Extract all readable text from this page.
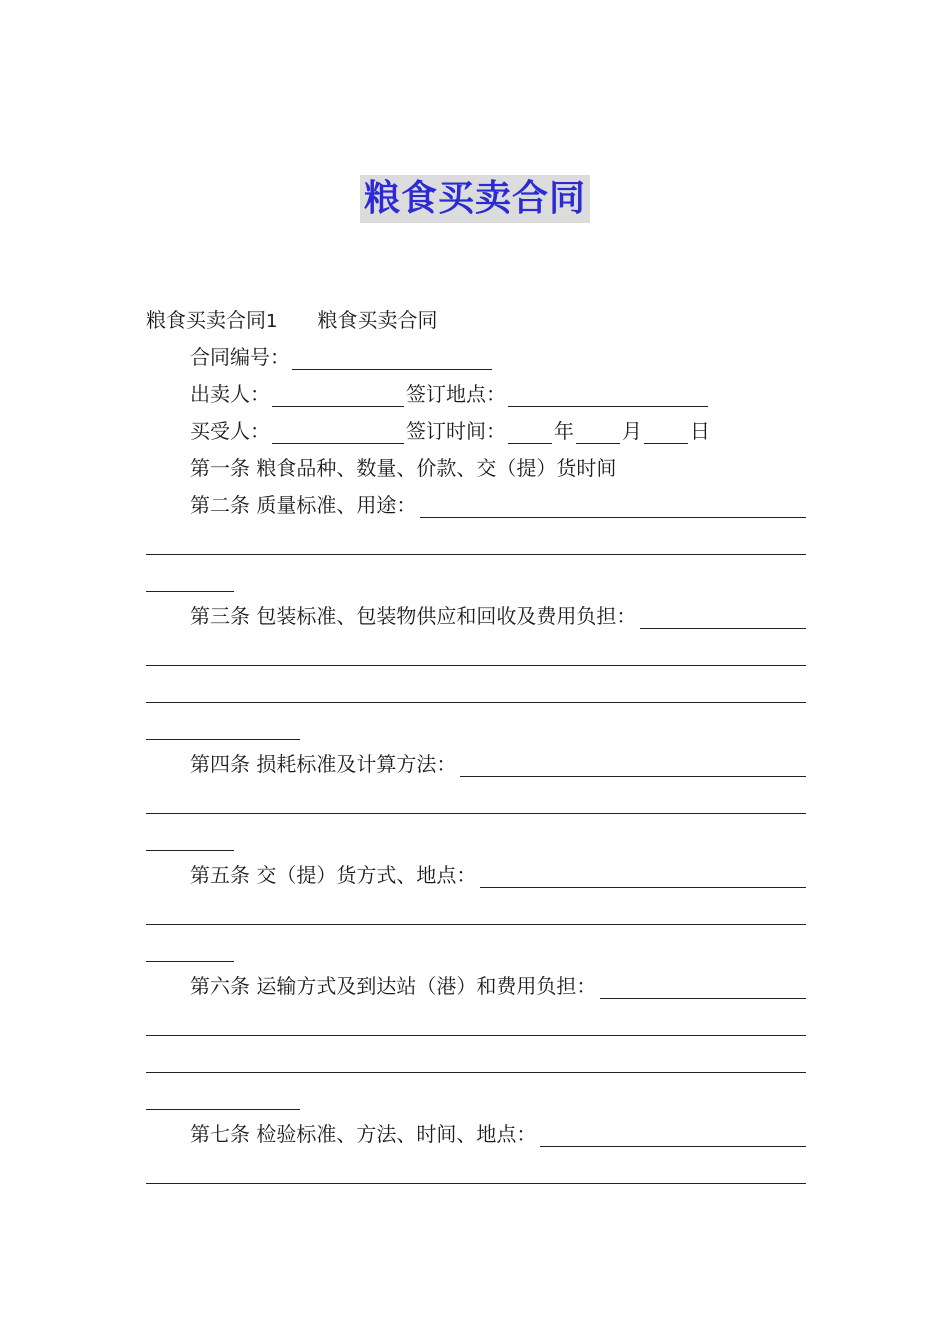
粮食买卖合同
粮食买卖合同1 粮食买卖合同
合同编号：
出卖人：	签订地点：
买受人：	签订时间： 年 月 日
第一条 粮食品种、数量、价款、交（提）货时间
第二条 质量标准、用途：
第三条 包装标准、包装物供应和回收及费用负担：
第四条 损耗标准及计算方法：
第五条 交（提）货方式、地点：
第六条 运输方式及到达站（港）和费用负担：
第七条 检验标准、方法、时间、地点：
